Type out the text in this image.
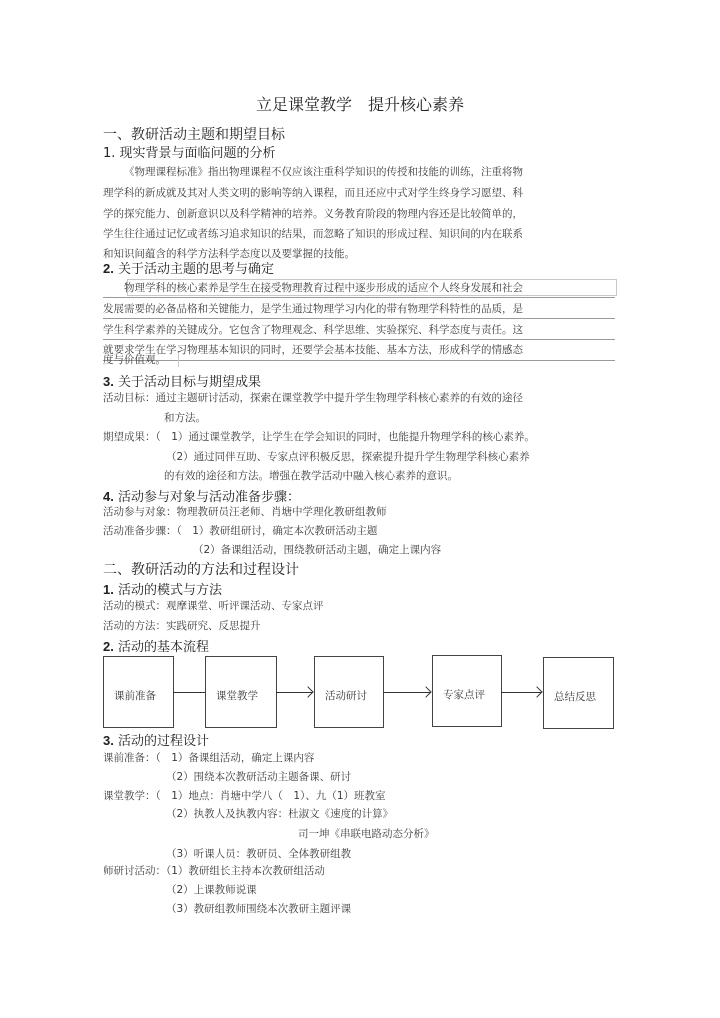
立足课堂教学　提升核心素养
一、教研活动主题和期望目标
1. 现实背景与面临问题的分析
《物理课程标准》指出物理课程不仅应该注重科学知识的传授和技能的训练，注重将物
理学科的新成就及其对人类文明的影响等纳入课程，而且还应中式对学生终身学习愿望、科
学的探究能力、创新意识以及科学精神的培养。义务教育阶段的物理内容还是比较简单的，
学生往往通过记忆或者练习追求知识的结果，而忽略了知识的形成过程、知识间的内在联系
和知识间蕴含的科学方法科学态度以及要掌握的技能。
2. 关于活动主题的思考与确定
物理学科的核心素养是学生在接受物理教育过程中逐步形成的适应个人终身发展和社会
发展需要的必备品格和关键能力，是学生通过物理学习内化的带有物理学科特性的品质，是
学生科学素养的关键成分。它包含了物理观念、科学思维、实验探究、科学态度与责任。这
就要求学生在学习物理基本知识的同时，还要学会基本技能、基本方法，形成科学的情感态
度与价值观。
3. 关于活动目标与期望成果
活动目标：通过主题研讨活动，探索在课堂教学中提升学生物理学科核心素养的有效的途径
和方法。
期望成果：（　1）通过课堂教学，让学生在学会知识的同时，也能提升物理学科的核心素养。
（2）通过同伴互助、专家点评积极反思，探索提升提升学生物理学科核心素养
的有效的途径和方法。增强在教学活动中融入核心素养的意识。
4. 活动参与对象与活动准备步骤：
活动参与对象：物理教研员汪老师、肖塘中学理化教研组教师
活动准备步骤：（　1）教研组研讨，确定本次教研活动主题
（2）备课组活动，围绕教研活动主题，确定上课内容
二、教研活动的方法和过程设计
1. 活动的模式与方法
活动的模式：观摩课堂、听评课活动、专家点评
活动的方法：实践研究、反思提升
2. 活动的基本流程
课前准备	课堂教学	活动研讨	专家点评	总结反思
3. 活动的过程设计
课前准备：（　1）备课组活动，确定上课内容
（2）围绕本次教研活动主题备课、研讨
课堂教学：（　1）地点：肖塘中学八（　1）、九（1）班教室
（2）执教人及执教内容：杜淑文《速度的计算》
司一坤《串联电路动态分析》
（3）听课人员：教研员、全体教研组教
师研讨活动：（1）教研组长主持本次教研组活动
（2）上课教师说课
（3）教研组教师围绕本次教研主题评课
